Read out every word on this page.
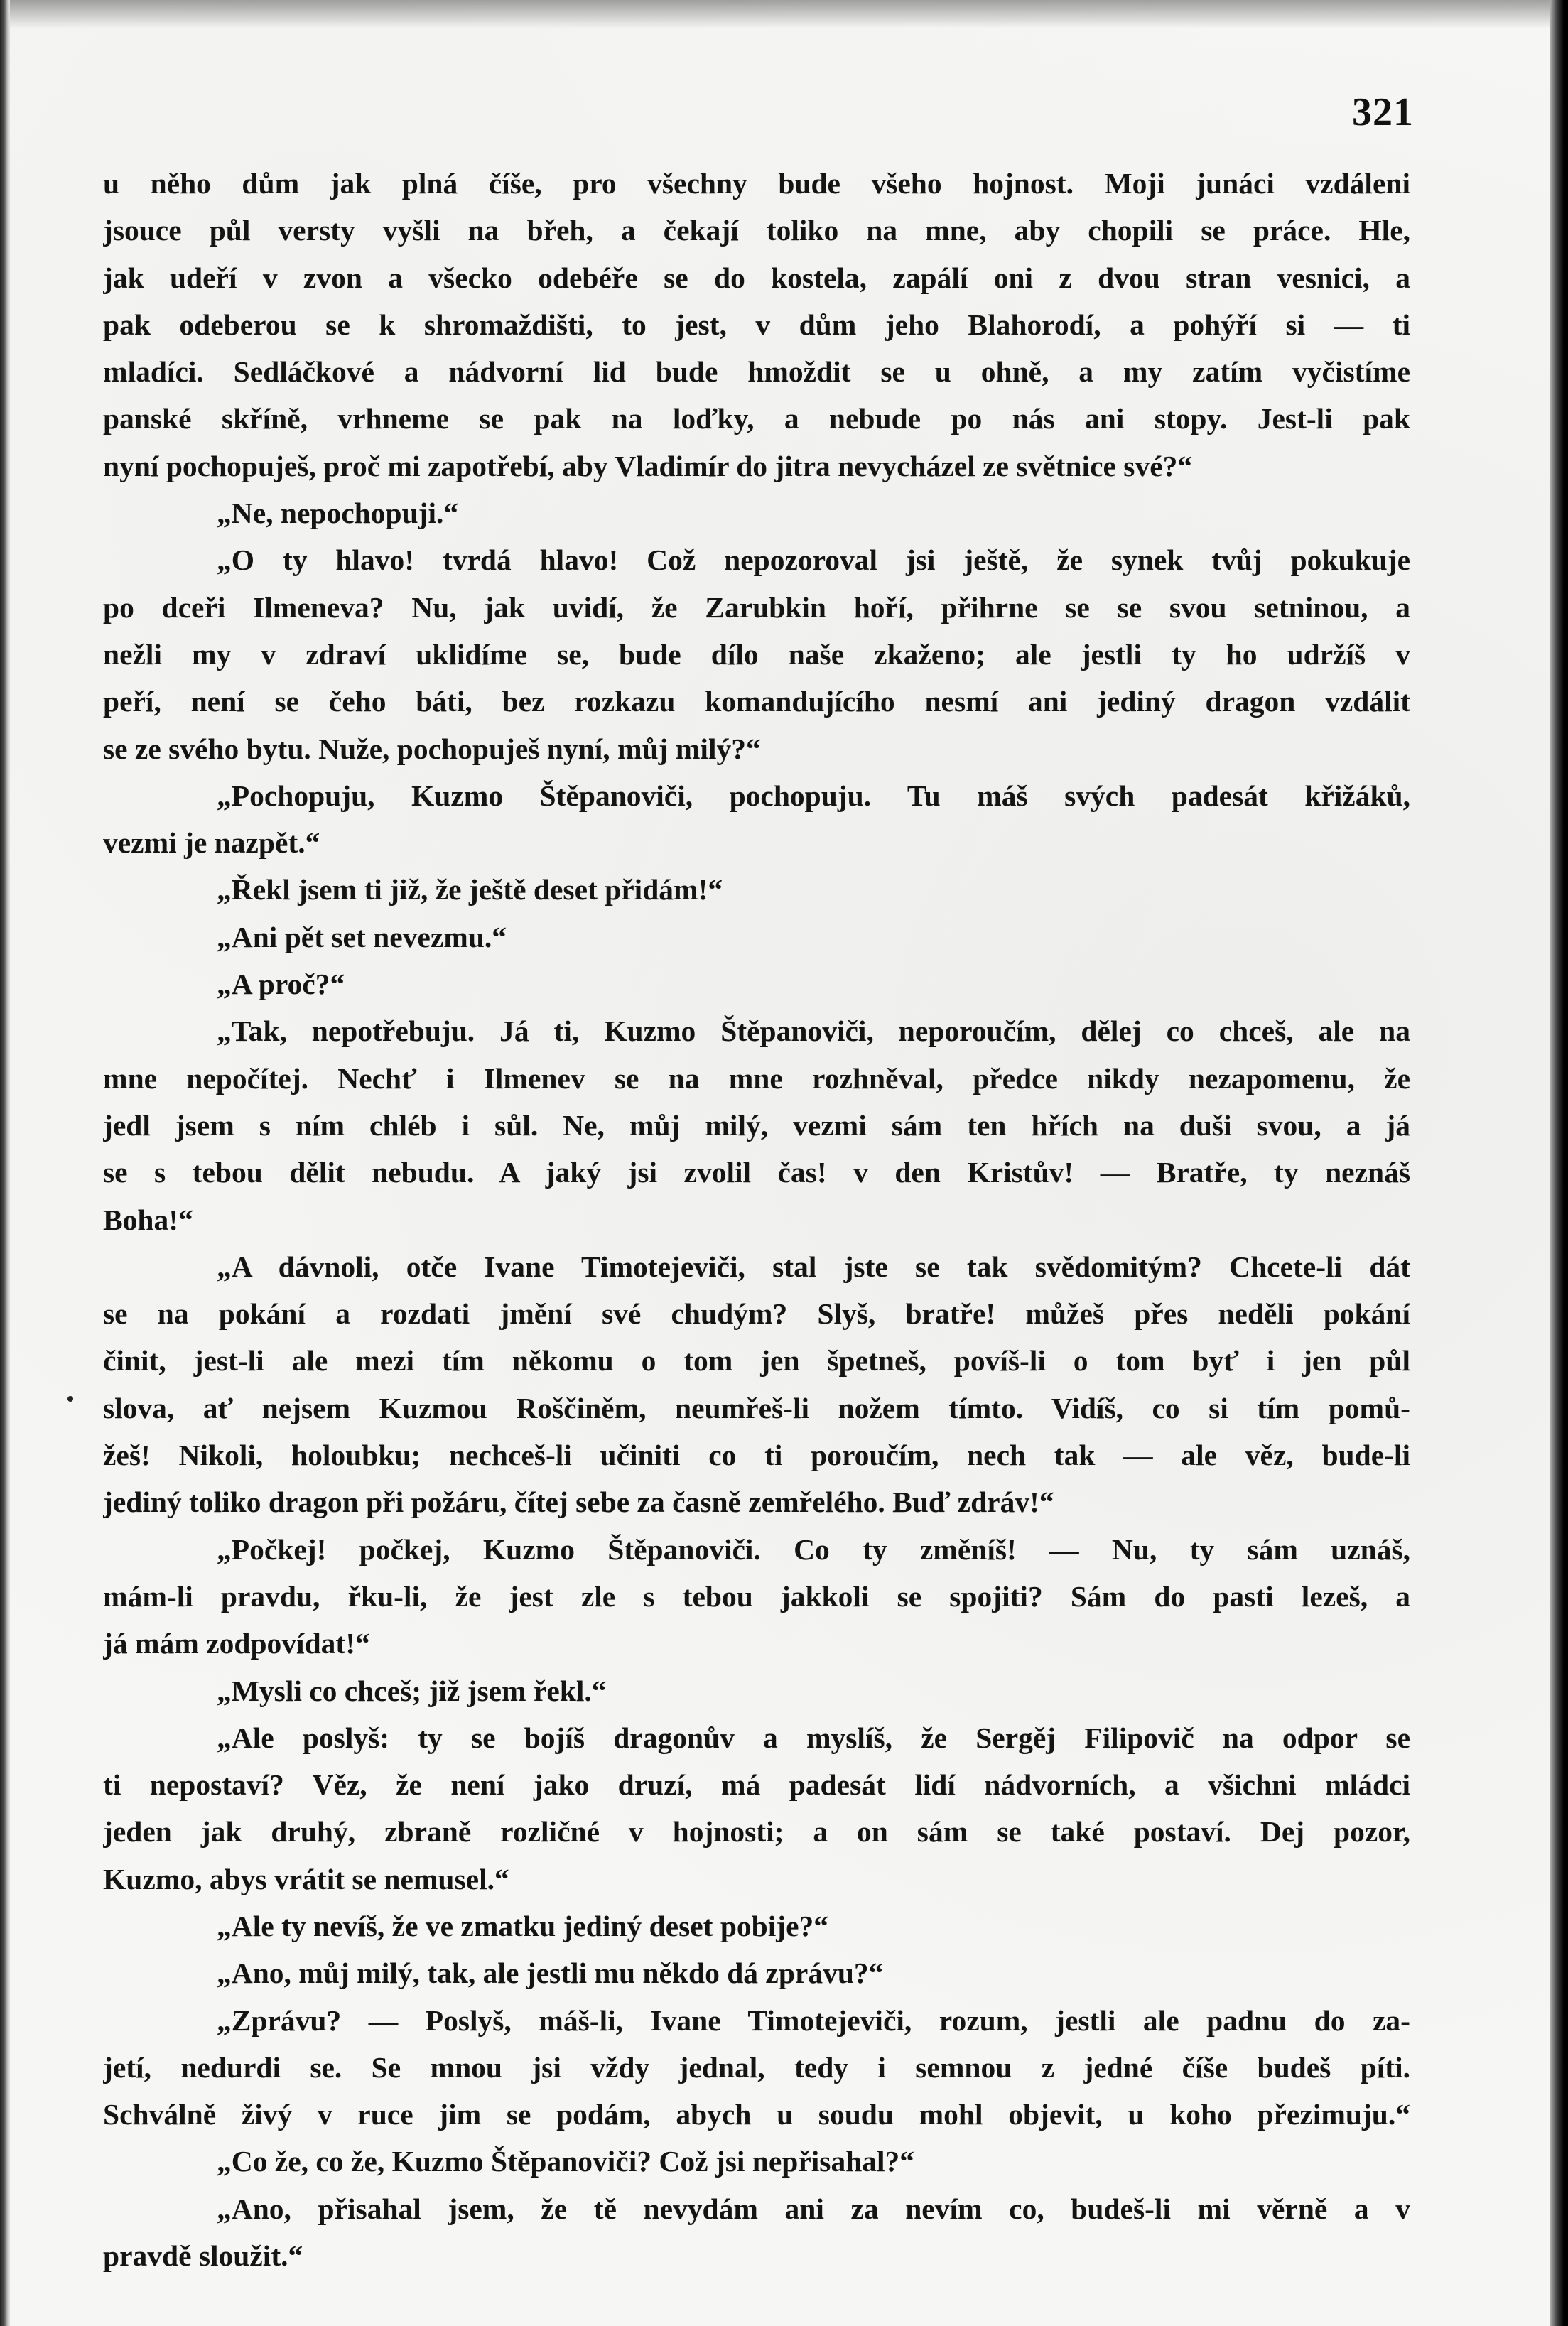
321
u něho dům jak plná číše, pro všechny bude všeho hojnost. Moji junáci vzdáleni
jsouce půl versty vyšli na břeh, a čekají toliko na mne, aby chopili se práce. Hle,
jak udeří v zvon a všecko odebéře se do kostela, zapálí oni z dvou stran vesnici, a
pak odeberou se k shromaždišti, to jest, v dům jeho Blahorodí, a pohýří si — ti
mladíci. Sedláčkové a nádvorní lid bude hmoždit se u ohně, a my zatím vyčistíme
panské skříně, vrhneme se pak na loďky, a nebude po nás ani stopy. Jest-li pak
nyní pochopuješ, proč mi zapotřebí, aby Vladimír do jitra nevycházel ze světnice své?“
„Ne, nepochopuji.“
„O ty hlavo! tvrdá hlavo! Což nepozoroval jsi ještě, že synek tvůj pokukuje
po dceři Ilmeneva? Nu, jak uvidí, že Zarubkin hoří, přihrne se se svou setninou, a
nežli my v zdraví uklidíme se, bude dílo naše zkaženo; ale jestli ty ho udržíš v
peří, není se čeho báti, bez rozkazu komandujícího nesmí ani jediný dragon vzdálit
se ze svého bytu. Nuže, pochopuješ nyní, můj milý?“
„Pochopuju, Kuzmo Štěpanoviči, pochopuju. Tu máš svých padesát křižáků,
vezmi je nazpět.“
„Řekl jsem ti již, že ještě deset přidám!“
„Ani pět set nevezmu.“
„A proč?“
„Tak, nepotřebuju. Já ti, Kuzmo Štěpanoviči, neporoučím, dělej co chceš, ale na
mne nepočítej. Nechť i Ilmenev se na mne rozhněval, předce nikdy nezapomenu, že
jedl jsem s ním chléb i sůl. Ne, můj milý, vezmi sám ten hřích na duši svou, a já
se s tebou dělit nebudu. A jaký jsi zvolil čas! v den Kristův! — Bratře, ty neznáš
Boha!“
„A dávnoli, otče Ivane Timotejeviči, stal jste se tak svědomitým? Chcete-li dát
se na pokání a rozdati jmění své chudým? Slyš, bratře! můžeš přes neděli pokání
činit, jest-li ale mezi tím někomu o tom jen špetneš, povíš-li o tom byť i jen půl
slova, ať nejsem Kuzmou Roščiněm, neumřeš-li nožem tímto. Vidíš, co si tím pomů-
žeš! Nikoli, holoubku; nechceš-li učiniti co ti poroučím, nech tak — ale věz, bude-li
jediný toliko dragon při požáru, čítej sebe za časně zemřelého. Buď zdráv!“
„Počkej! počkej, Kuzmo Štěpanoviči. Co ty změníš! — Nu, ty sám uznáš,
mám-li pravdu, řku-li, že jest zle s tebou jakkoli se spojiti? Sám do pasti lezeš, a
já mám zodpovídat!“
„Mysli co chceš; již jsem řekl.“
„Ale poslyš: ty se bojíš dragonův a myslíš, že Sergěj Filipovič na odpor se
ti nepostaví? Věz, že není jako druzí, má padesát lidí nádvorních, a všichni mládci
jeden jak druhý, zbraně rozličné v hojnosti; a on sám se také postaví. Dej pozor,
Kuzmo, abys vrátit se nemusel.“
„Ale ty nevíš, že ve zmatku jediný deset pobije?“
„Ano, můj milý, tak, ale jestli mu někdo dá zprávu?“
„Zprávu? — Poslyš, máš-li, Ivane Timotejeviči, rozum, jestli ale padnu do za-
jetí, nedurdi se. Se mnou jsi vždy jednal, tedy i semnou z jedné číše budeš píti.
Schválně živý v ruce jim se podám, abych u soudu mohl objevit, u koho přezimuju.“
„Co že, co že, Kuzmo Štěpanoviči? Což jsi nepřisahal?“
„Ano, přisahal jsem, že tě nevydám ani za nevím co, budeš-li mi věrně a v
pravdě sloužit.“
